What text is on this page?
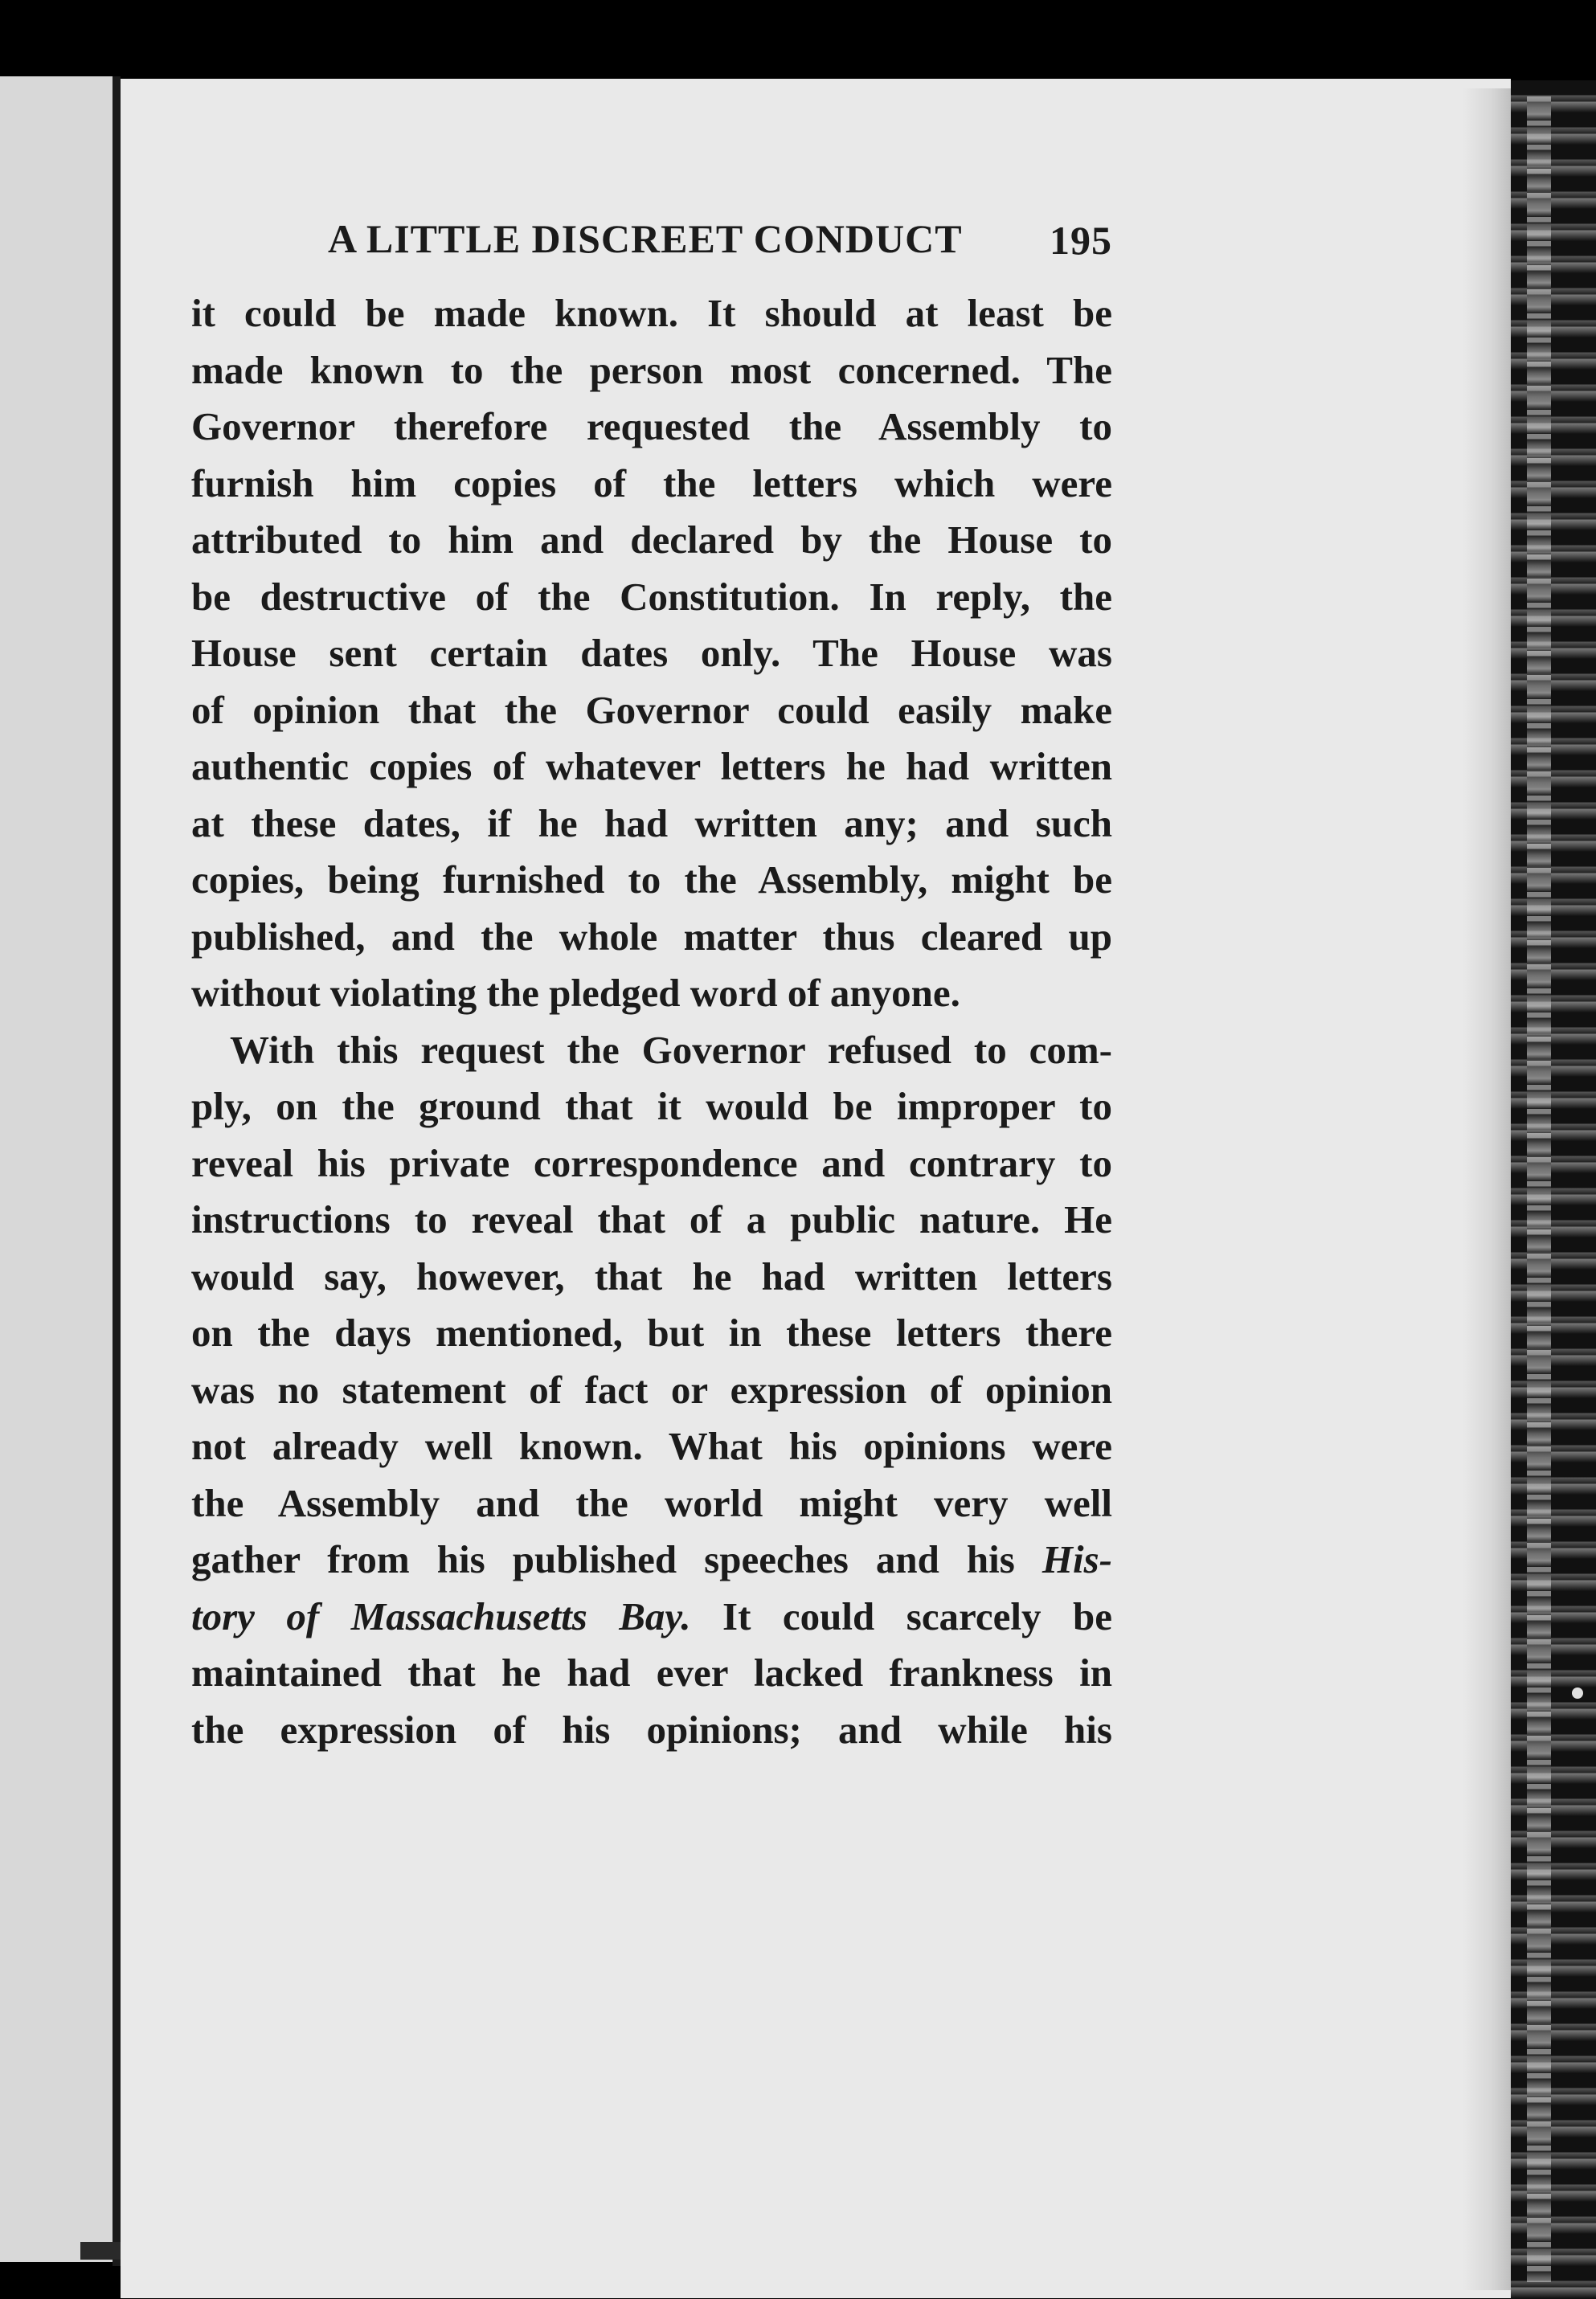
A LITTLE DISCREET CONDUCT 195
it could be made known. It should at least be
made known to the person most concerned. The
Governor therefore requested the Assembly to
furnish him copies of the letters which were
attributed to him and declared by the House to
be destructive of the Constitution. In reply, the
House sent certain dates only. The House was
of opinion that the Governor could easily make
authentic copies of whatever letters he had written
at these dates, if he had written any; and such
copies, being furnished to the Assembly, might be
published, and the whole matter thus cleared up
without violating the pledged word of anyone.
With this request the Governor refused to com-
ply, on the ground that it would be improper to
reveal his private correspondence and contrary to
instructions to reveal that of a public nature. He
would say, however, that he had written letters
on the days mentioned, but in these letters there
was no statement of fact or expression of opinion
not already well known. What his opinions were
the Assembly and the world might very well
gather from his published speeches and his His-
tory of Massachusetts Bay. It could scarcely be
maintained that he had ever lacked frankness in
the expression of his opinions; and while his
